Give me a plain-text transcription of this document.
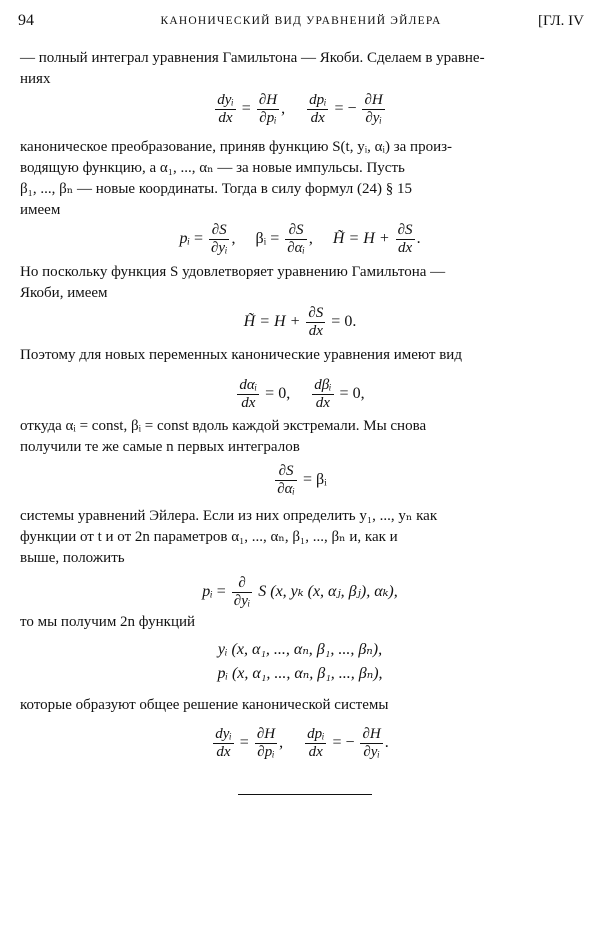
94	КАНОНИЧЕСКИЙ ВИД УРАВНЕНИЙ ЭЙЛЕРА	[ГЛ. IV
— полный интеграл уравнения Гамильтона — Якоби. Сделаем в уравне-
ниях
$\frac{\text{dyᵢ}}{dx} = \frac{\partial H}{\text{∂pᵢ}}$ , $\frac{\text{dpᵢ}}{dx}$ = − $\frac{\partial H}{\text{∂yᵢ}}$
каноническое преобразование, приняв функцию S(t, yᵢ, αᵢ) за произ-
водящую функцию, а α₁, ..., αₙ — за новые импульсы. Пусть
β₁, ..., βₙ — новые координаты. Тогда в силу формул (24) § 15
имеем
pᵢ = $\frac{\partial S}{\text{∂yᵢ}}$ , βᵢ = $\frac{\partial S}{\text{∂αᵢ}}$ , H̃ = $H + \frac{\partial S}{dx}$ .
Но поскольку функция S удовлетворяет уравнению Гамильтона —
Якоби, имеем
H̃ = $H + \frac{\partial S}{dx} = 0$.
Поэтому для новых переменных канонические уравнения имеют вид
$\frac{\text{dαᵢ}}{dx} = 0$, $\frac{\text{dβᵢ}}{dx} = 0$,
откуда αᵢ = const, βᵢ = const вдоль каждой экстремали. Мы снова
получили те же самые n первых интегралов
$\frac{\partial S}{\text{∂αᵢ}}$ = βᵢ
системы уравнений Эйлера. Если из них определить y₁, ..., yₙ как
функции от t и от 2n параметров α₁, ..., αₙ, β₁, ..., βₙ и, как и
выше, положить
pᵢ = $\frac{\partial}{\text{∂yᵢ}}$ S (x, yₖ (x, αⱼ, βⱼ), αₖ),
то мы получим 2n функций
yᵢ (x, α₁, ..., αₙ, β₁, ..., βₙ),
pᵢ (x, α₁, ..., αₙ, β₁, ..., βₙ),
которые образуют общее решение канонической системы
$\frac{\text{dyᵢ}}{dx} = \frac{\partial H}{\text{∂pᵢ}}$ , $\frac{\text{dpᵢ}}{dx}$ = − $\frac{\partial H}{\text{∂yᵢ}}$ .
